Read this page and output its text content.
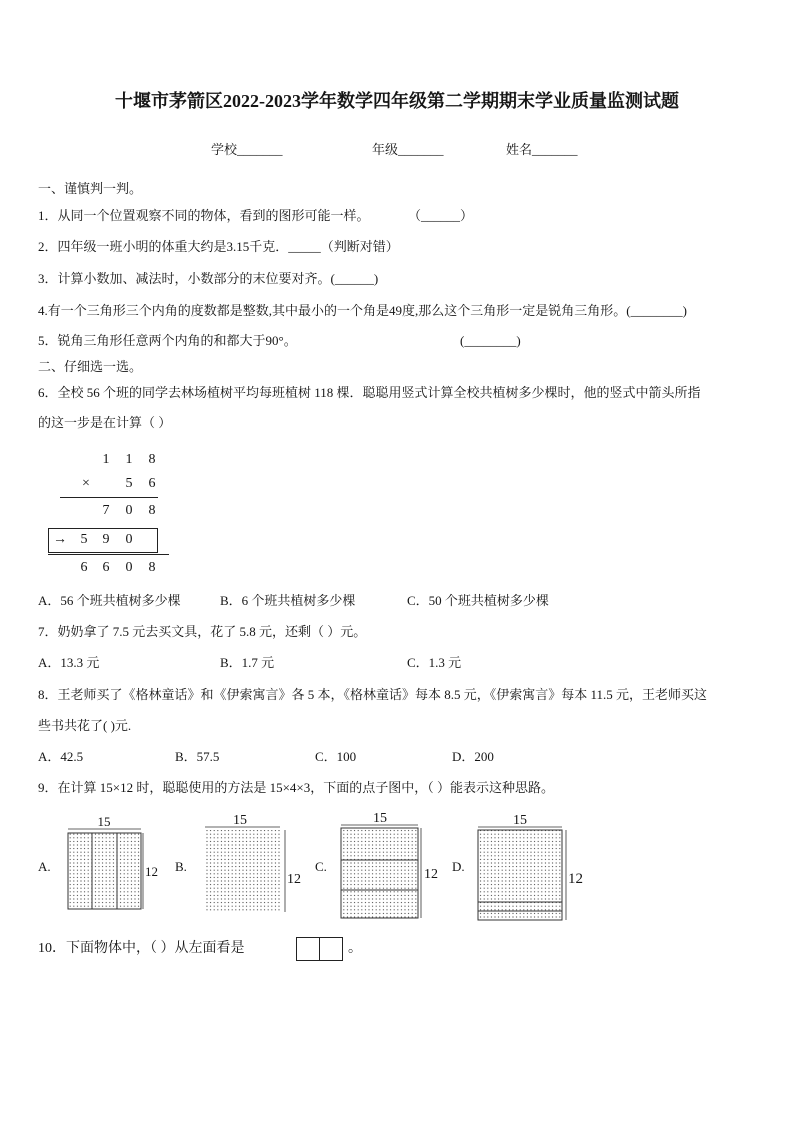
十堰市茅箭区2022-2023学年数学四年级第二学期期末学业质量监测试题
学校_______	年级_______	姓名_______
一、谨慎判一判。
1．从同一个位置观察不同的物体，看到的图形可能一样。	（______）
2．四年级一班小明的体重大约是3.15千克．_____（判断对错）
3．计算小数加、减法时，小数部分的末位要对齐。(______)
4.有一个三角形三个内角的度数都是整数,其中最小的一个角是49度,那么这个三角形一定是锐角三角形。(________)
5．锐角三角形任意两个内角的和都大于90°。	(________)
二、仔细选一选。
6．全校 56 个班的同学去林场植树平均每班植树 118 棵．聪聪用竖式计算全校共植树多少棵时，他的竖式中箭头所指
的这一步是在计算（ ）
1 1 8
×	5 6
7 0 8
→ 5 9 0
6 6 0 8
A．56 个班共植树多少棵	B．6 个班共植树多少棵	C．50 个班共植树多少棵
7．奶奶拿了 7.5 元去买文具，花了 5.8 元，还剩（ ）元。
A．13.3 元	B．1.7 元	C．1.3 元
8．王老师买了《格林童话》和《伊索寓言》各 5 本，《格林童话》每本 8.5 元，《伊索寓言》每本 11.5 元，王老师买这
些书共花了( )元.
A．42.5	B．57.5	C．100	D．200
9．在计算 15×12 时，聪聪使用的方法是 15×4×3，下面的点子图中，（ ）能表示这种思路。
A.
15
12 B.
15
12
C.
15
12
D.
15
12
10．下面物体中，（ ）从左面看是	。
